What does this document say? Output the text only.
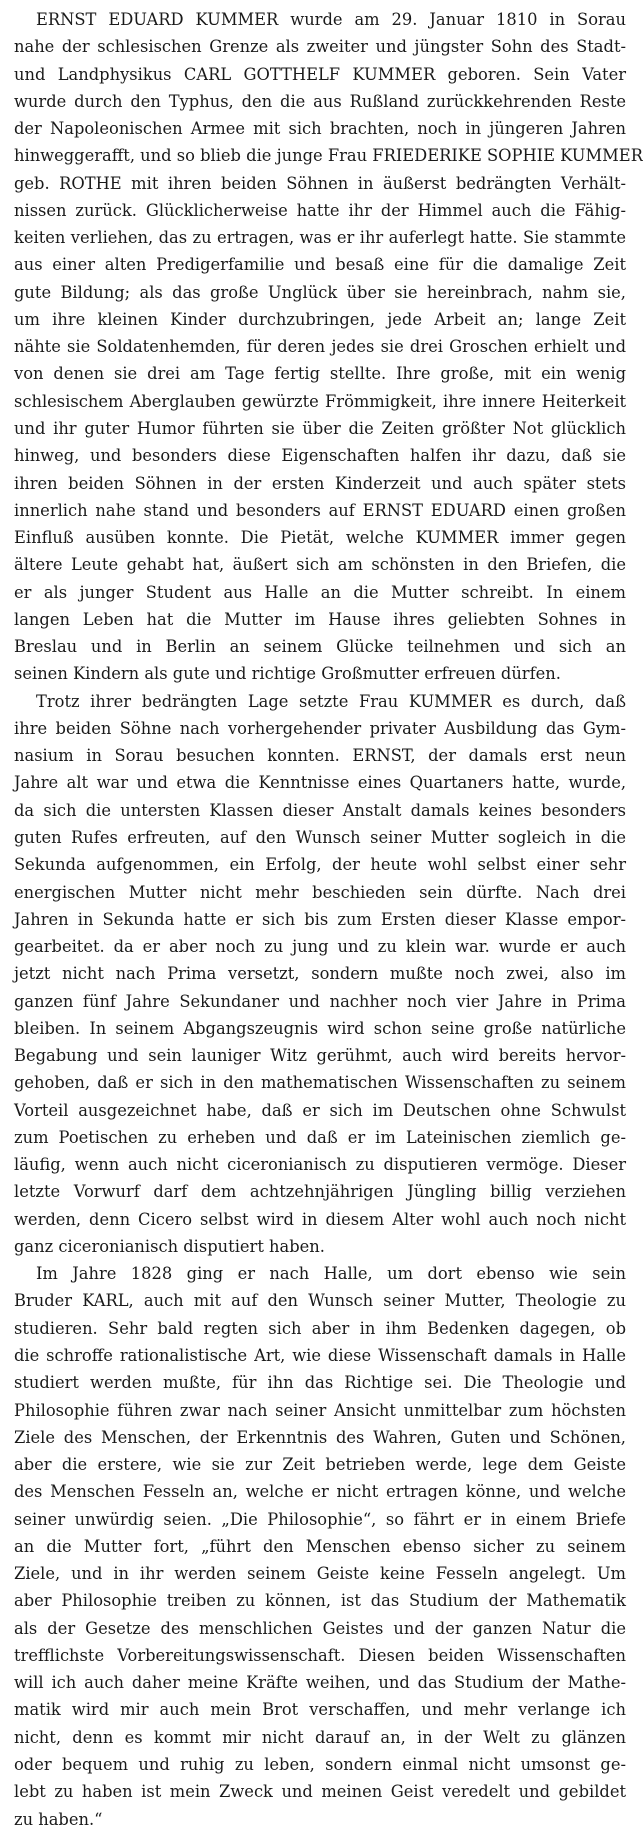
ERNST EDUARD KUMMER wurde am 29. Januar 1810 in Sorau
nahe der schlesischen Grenze als zweiter und jüngster Sohn des Stadt-
und Landphysikus CARL GOTTHELF KUMMER geboren. Sein Vater
wurde durch den Typhus, den die aus Rußland zurückkehrenden Reste
der Napoleonischen Armee mit sich brachten, noch in jüngeren Jahren
hinweggerafft, und so blieb die junge Frau FRIEDERIKE SOPHIE KUMMER
geb. ROTHE mit ihren beiden Söhnen in äußerst bedrängten Verhält-
nissen zurück. Glücklicherweise hatte ihr der Himmel auch die Fähig-
keiten verliehen, das zu ertragen, was er ihr auferlegt hatte. Sie stammte
aus einer alten Predigerfamilie und besaß eine für die damalige Zeit
gute Bildung; als das große Unglück über sie hereinbrach, nahm sie,
um ihre kleinen Kinder durchzubringen, jede Arbeit an; lange Zeit
nähte sie Soldatenhemden, für deren jedes sie drei Groschen erhielt und
von denen sie drei am Tage fertig stellte. Ihre große, mit ein wenig
schlesischem Aberglauben gewürzte Frömmigkeit, ihre innere Heiterkeit
und ihr guter Humor führten sie über die Zeiten größter Not glücklich
hinweg, und besonders diese Eigenschaften halfen ihr dazu, daß sie
ihren beiden Söhnen in der ersten Kinderzeit und auch später stets
innerlich nahe stand und besonders auf ERNST EDUARD einen großen
Einfluß ausüben konnte. Die Pietät, welche KUMMER immer gegen
ältere Leute gehabt hat, äußert sich am schönsten in den Briefen, die
er als junger Student aus Halle an die Mutter schreibt. In einem
langen Leben hat die Mutter im Hause ihres geliebten Sohnes in
Breslau und in Berlin an seinem Glücke teilnehmen und sich an
seinen Kindern als gute und richtige Großmutter erfreuen dürfen.
Trotz ihrer bedrängten Lage setzte Frau KUMMER es durch, daß
ihre beiden Söhne nach vorhergehender privater Ausbildung das Gym-
nasium in Sorau besuchen konnten. ERNST, der damals erst neun
Jahre alt war und etwa die Kenntnisse eines Quartaners hatte, wurde,
da sich die untersten Klassen dieser Anstalt damals keines besonders
guten Rufes erfreuten, auf den Wunsch seiner Mutter sogleich in die
Sekunda aufgenommen, ein Erfolg, der heute wohl selbst einer sehr
energischen Mutter nicht mehr beschieden sein dürfte. Nach drei
Jahren in Sekunda hatte er sich bis zum Ersten dieser Klasse empor-
gearbeitet. da er aber noch zu jung und zu klein war. wurde er auch
jetzt nicht nach Prima versetzt, sondern mußte noch zwei, also im
ganzen fünf Jahre Sekundaner und nachher noch vier Jahre in Prima
bleiben. In seinem Abgangszeugnis wird schon seine große natürliche
Begabung und sein launiger Witz gerühmt, auch wird bereits hervor-
gehoben, daß er sich in den mathematischen Wissenschaften zu seinem
Vorteil ausgezeichnet habe, daß er sich im Deutschen ohne Schwulst
zum Poetischen zu erheben und daß er im Lateinischen ziemlich ge-
läufig, wenn auch nicht ciceronianisch zu disputieren vermöge. Dieser
letzte Vorwurf darf dem achtzehnjährigen Jüngling billig verziehen
werden, denn Cicero selbst wird in diesem Alter wohl auch noch nicht
ganz ciceronianisch disputiert haben.
Im Jahre 1828 ging er nach Halle, um dort ebenso wie sein
Bruder KARL, auch mit auf den Wunsch seiner Mutter, Theologie zu
studieren. Sehr bald regten sich aber in ihm Bedenken dagegen, ob
die schroffe rationalistische Art, wie diese Wissenschaft damals in Halle
studiert werden mußte, für ihn das Richtige sei. Die Theologie und
Philosophie führen zwar nach seiner Ansicht unmittelbar zum höchsten
Ziele des Menschen, der Erkenntnis des Wahren, Guten und Schönen,
aber die erstere, wie sie zur Zeit betrieben werde, lege dem Geiste
des Menschen Fesseln an, welche er nicht ertragen könne, und welche
seiner unwürdig seien. „Die Philosophie“, so fährt er in einem Briefe
an die Mutter fort, „führt den Menschen ebenso sicher zu seinem
Ziele, und in ihr werden seinem Geiste keine Fesseln angelegt. Um
aber Philosophie treiben zu können, ist das Studium der Mathematik
als der Gesetze des menschlichen Geistes und der ganzen Natur die
trefflichste Vorbereitungswissenschaft. Diesen beiden Wissenschaften
will ich auch daher meine Kräfte weihen, und das Studium der Mathe-
matik wird mir auch mein Brot verschaffen, und mehr verlange ich
nicht, denn es kommt mir nicht darauf an, in der Welt zu glänzen
oder bequem und ruhig zu leben, sondern einmal nicht umsonst ge-
lebt zu haben ist mein Zweck und meinen Geist veredelt und gebildet
zu haben.“
